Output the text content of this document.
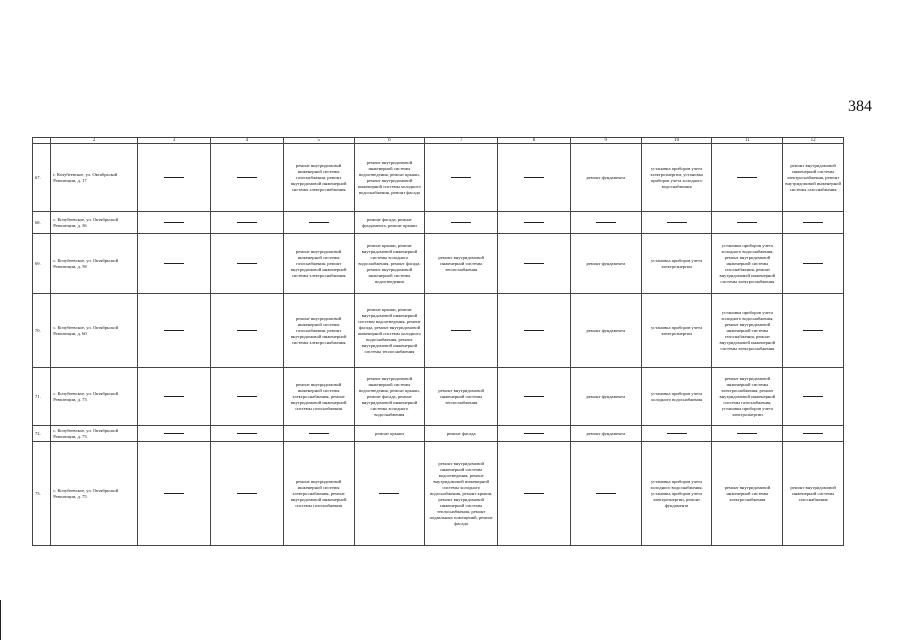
384
	2	3	4	5	6	7	8	9	10	11	12
67.	г. Кочубеевское, ул. Октябрьской Революции, д. 17			ремонт внутридомовой инженерной системы газоснабжения, ремонт внутридомовой инженерной системы электроснабжения	ремонт внутридомовой инженерной системы водоотведения, ремонт крыши, ремонт внутридомовой инженерной системы холодного водоснабжения, ремонт фасада			ремонт фундамента	установка приборов учета электроэнергии, установка приборов учета холодного водоснабжения		ремонт внутридомовой инженерной системы электроснабжения, ремонт внутридомовой инженерной системы газоснабжения
68.	с. Кочубеевское, ул. Октябрьской Революции, д. 36				ремонт фасада, ремонт фундамента, ремонт крыши						
69.	с. Кочубеевское, ул. Октябрьской Революции, д. 58			ремонт внутридомовой инженерной системы газоснабжения, ремонт внутридомовой инженерной системы электроснабжения	ремонт крыши, ремонт внутридомовой инженерной системы холодного водоснабжения, ремонт фасада, ремонт внутридомовой инженерной системы водоотведения	ремонт внутридомовой инженерной системы теплоснабжения		ремонт фундамента	установка приборов учета электроэнергии	установка приборов учета холодного водоснабжения, ремонт внутридомовой инженерной системы газоснабжения, ремонт внутридомовой инженерной системы электроснабжения	
70.	с. Кочубеевское, ул. Октябрьской Революции, д. 60			ремонт внутридомовой инженерной системы газоснабжения, ремонт внутридомовой инженерной системы электроснабжения	ремонт крыши, ремонт внутридомовой инженерной системы водоотведения, ремонт фасада, ремонт внутридомовой инженерной системы холодного водоснабжения, ремонт внутридомовой инженерной системы теплоснабжения			ремонт фундамента	установка приборов учета электроэнергии	установка приборов учета холодного водоснабжения, ремонт внутридомовой инженерной системы газоснабжения, ремонт внутридомовой инженерной системы электроснабжения	
71.	с. Кочубеевское, ул. Октябрьской Революции, д. 73			ремонт внутридомовой инженерной системы электроснабжения, ремонт внутридомовой инженерной системы газоснабжения	ремонт внутридомовой инженерной системы водоотведения, ремонт крыши, ремонт фасада, ремонт внутридомовой инженерной системы холодного водоснабжения	ремонт внутридомовой инженерной системы теплоснабжения		ремонт фундамента	установка приборов учета холодного водоснабжения	ремонт внутридомовой инженерной системы электроснабжения, ремонт внутридомовой инженерной системы газоснабжения, установка приборов учета электроэнергии	
72.	с. Кочубеевское, ул. Октябрьской Революции, д. 73				ремонт крыши	ремонт фасада		ремонт фундамента			
73.	с. Кочубеевское, ул. Октябрьской Революции, д. 75			ремонт внутридомовой инженерной системы электроснабжения, ремонт внутридомовой инженерной системы газоснабжения		ремонт внутридомовой инженерной системы водоотведения, ремонт внутридомовой инженерной системы холодного водоснабжения, ремонт крыши, ремонт внутридомовой инженерной системы теплоснабжения, ремонт подвальных помещений, ремонт фасада			установка приборов учета холодного водоснабжения, установка приборов учета электроэнергии, ремонт фундамента	ремонт внутридомовой инженерной системы электроснабжения	ремонт внутридомовой инженерной системы газоснабжения
